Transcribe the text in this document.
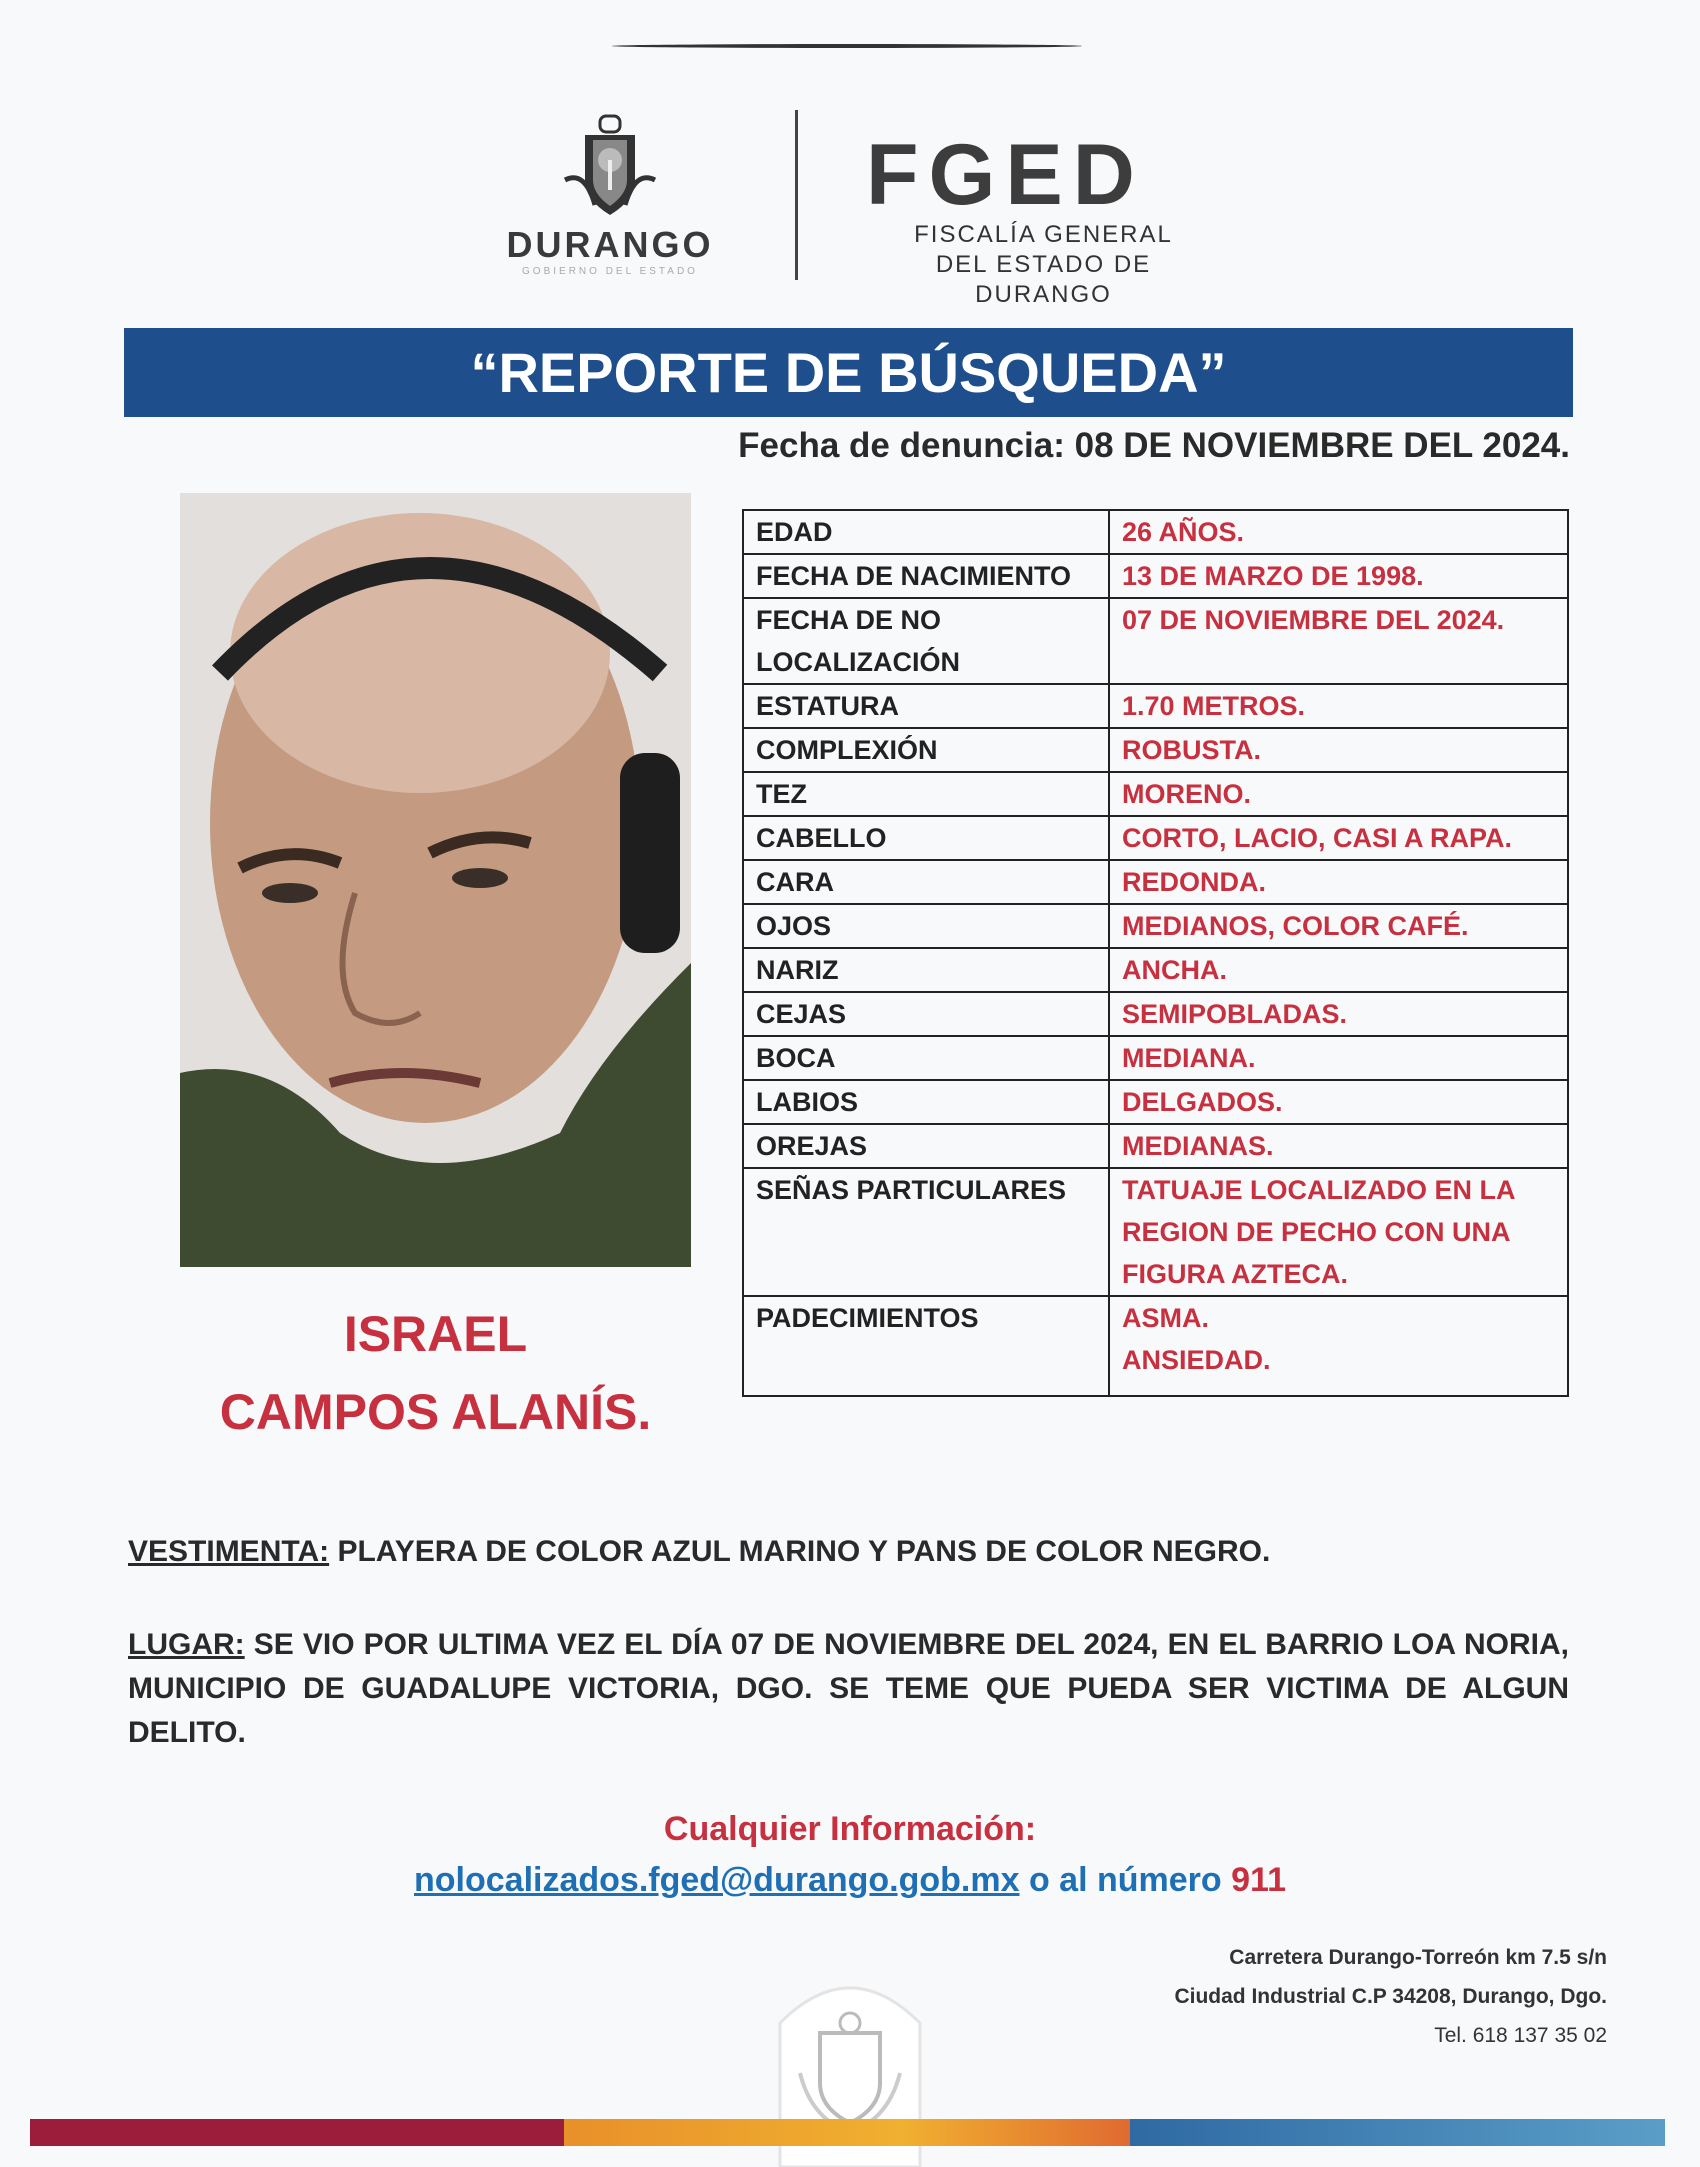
DURANGO
GOBIERNO DEL ESTADO
FGED
FISCALÍA GENERAL
DEL ESTADO DE DURANGO
“REPORTE DE BÚSQUEDA”
Fecha de denuncia: 08 DE NOVIEMBRE DEL 2024.
EDAD	26 AÑOS.
FECHA DE NACIMIENTO	13 DE MARZO DE 1998.
FECHA DE NO LOCALIZACIÓN	07 DE NOVIEMBRE DEL 2024.
ESTATURA	1.70 METROS.
COMPLEXIÓN	ROBUSTA.
TEZ	MORENO.
CABELLO	CORTO, LACIO, CASI A RAPA.
CARA	REDONDA.
OJOS	MEDIANOS, COLOR CAFÉ.
NARIZ	ANCHA.
CEJAS	SEMIPOBLADAS.
BOCA	MEDIANA.
LABIOS	DELGADOS.
OREJAS	MEDIANAS.
SEÑAS PARTICULARES	TATUAJE LOCALIZADO EN LA REGION DE PECHO CON UNA FIGURA AZTECA.
PADECIMIENTOS	ASMA.
ANSIEDAD.
ISRAEL
CAMPOS ALANÍS.
VESTIMENTA: PLAYERA DE COLOR AZUL MARINO Y PANS DE COLOR NEGRO.
LUGAR: SE VIO POR ULTIMA VEZ EL DÍA 07 DE NOVIEMBRE DEL 2024, EN EL BARRIO LOA NORIA, MUNICIPIO DE GUADALUPE VICTORIA, DGO. SE TEME QUE PUEDA SER VICTIMA DE ALGUN DELITO.
Cualquier Información:
nolocalizados.fged@durango.gob.mx o al número 911
Carretera Durango-Torreón km 7.5 s/n
Ciudad Industrial C.P 34208, Durango, Dgo.
Tel. 618 137 35 02
